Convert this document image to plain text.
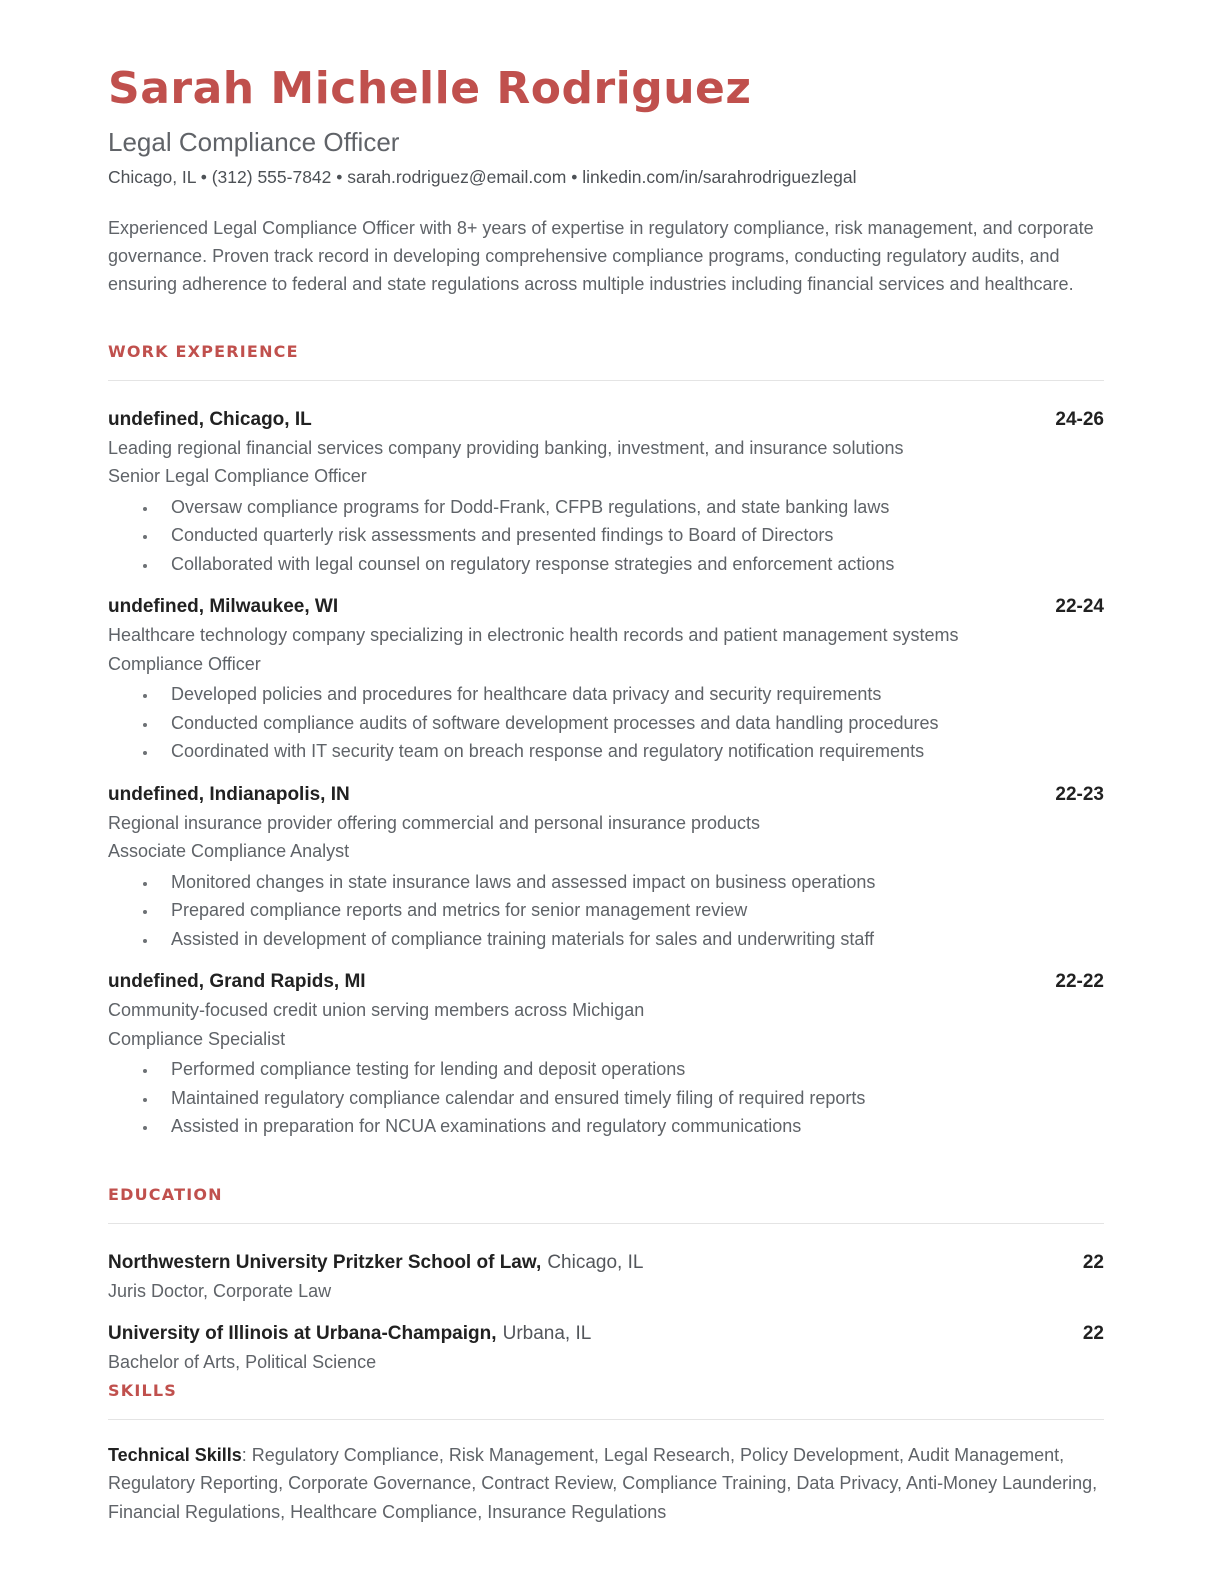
Sarah Michelle Rodriguez
Legal Compliance Officer
Chicago, IL • (312) 555-7842 • sarah.rodriguez@email.com • linkedin.com/in/sarahrodriguezlegal

Experienced Legal Compliance Officer with 8+ years of expertise in regulatory compliance, risk management, and corporate governance. Proven track record in developing comprehensive compliance programs, conducting regulatory audits, and ensuring adherence to federal and state regulations across multiple industries including financial services and healthcare.

WORK EXPERIENCE
undefined, Chicago, IL	24-26
Leading regional financial services company providing banking, investment, and insurance solutions
Senior Legal Compliance Officer
• Oversaw compliance programs for Dodd-Frank, CFPB regulations, and state banking laws
• Conducted quarterly risk assessments and presented findings to Board of Directors
• Collaborated with legal counsel on regulatory response strategies and enforcement actions
undefined, Milwaukee, WI	22-24
Healthcare technology company specializing in electronic health records and patient management systems
Compliance Officer
• Developed policies and procedures for healthcare data privacy and security requirements
• Conducted compliance audits of software development processes and data handling procedures
• Coordinated with IT security team on breach response and regulatory notification requirements
undefined, Indianapolis, IN	22-23
Regional insurance provider offering commercial and personal insurance products
Associate Compliance Analyst
• Monitored changes in state insurance laws and assessed impact on business operations
• Prepared compliance reports and metrics for senior management review
• Assisted in development of compliance training materials for sales and underwriting staff
undefined, Grand Rapids, MI	22-22
Community-focused credit union serving members across Michigan
Compliance Specialist
• Performed compliance testing for lending and deposit operations
• Maintained regulatory compliance calendar and ensured timely filing of required reports
• Assisted in preparation for NCUA examinations and regulatory communications
EDUCATION
Northwestern University Pritzker School of Law, Chicago, IL	22
Juris Doctor, Corporate Law
University of Illinois at Urbana-Champaign, Urbana, IL	22
Bachelor of Arts, Political Science
SKILLS

Technical Skills: Regulatory Compliance, Risk Management, Legal Research, Policy Development, Audit Management, Regulatory Reporting, Corporate Governance, Contract Review, Compliance Training, Data Privacy, Anti-Money Laundering, Financial Regulations, Healthcare Compliance, Insurance Regulations
